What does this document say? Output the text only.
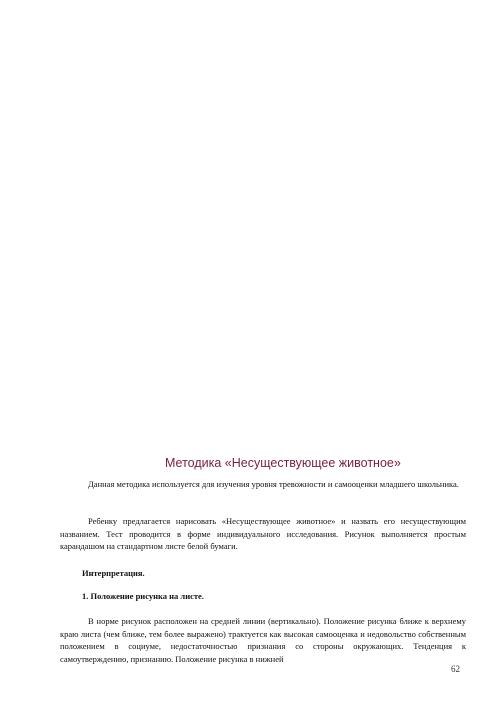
Методика «Несуществующее животное»

Данная методика используется для изучения уровня тревожности и самооценки младшего школьника.

Ребенку предлагается нарисовать «Несуществующее животное» и назвать его несуществующим названием. Тест проводится в форме индивидуального исследования. Рисунок выполняется простым карандашом на стандартном листе белой бумаги.

Интерпретация.

1. Положение рисунка на листе.

В норме рисунок расположен на средней линии (вертикально). Положение рисунка ближе к верхнему краю листа (чем ближе, тем более выражено) трактуется как высокая самооценка и недовольство собственным положением в социуме, недостаточностью признания со стороны окружающих. Тенденция к самоутверждению, признанию. Положение рисунка в нижней

62
